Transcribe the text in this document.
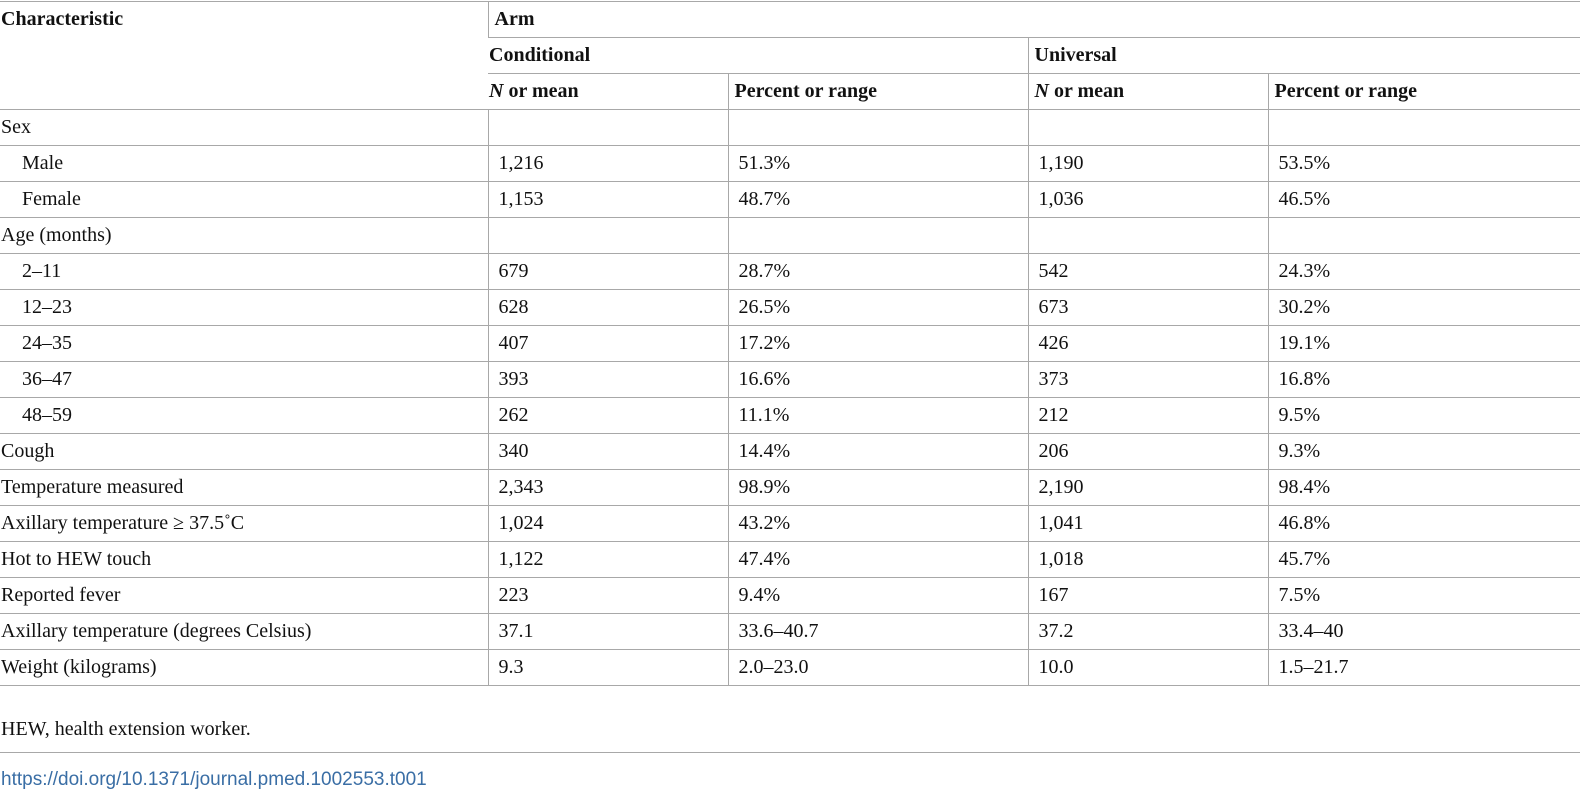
Characteristic	Arm			
	Conditional		Universal	
	N or mean	Percent or range	N or mean	Percent or range
Sex				
Male	1,216	51.3%	1,190	53.5%
Female	1,153	48.7%	1,036	46.5%
Age (months)				
2–11	679	28.7%	542	24.3%
12–23	628	26.5%	673	30.2%
24–35	407	17.2%	426	19.1%
36–47	393	16.6%	373	16.8%
48–59	262	11.1%	212	9.5%
Cough	340	14.4%	206	9.3%
Temperature measured	2,343	98.9%	2,190	98.4%
Axillary temperature ≥ 37.5˚C	1,024	43.2%	1,041	46.8%
Hot to HEW touch	1,122	47.4%	1,018	45.7%
Reported fever	223	9.4%	167	7.5%
Axillary temperature (degrees Celsius)	37.1	33.6–40.7	37.2	33.4–40
Weight (kilograms)	9.3	2.0–23.0	10.0	1.5–21.7
HEW, health extension worker.
https://doi.org/10.1371/journal.pmed.1002553.t001
